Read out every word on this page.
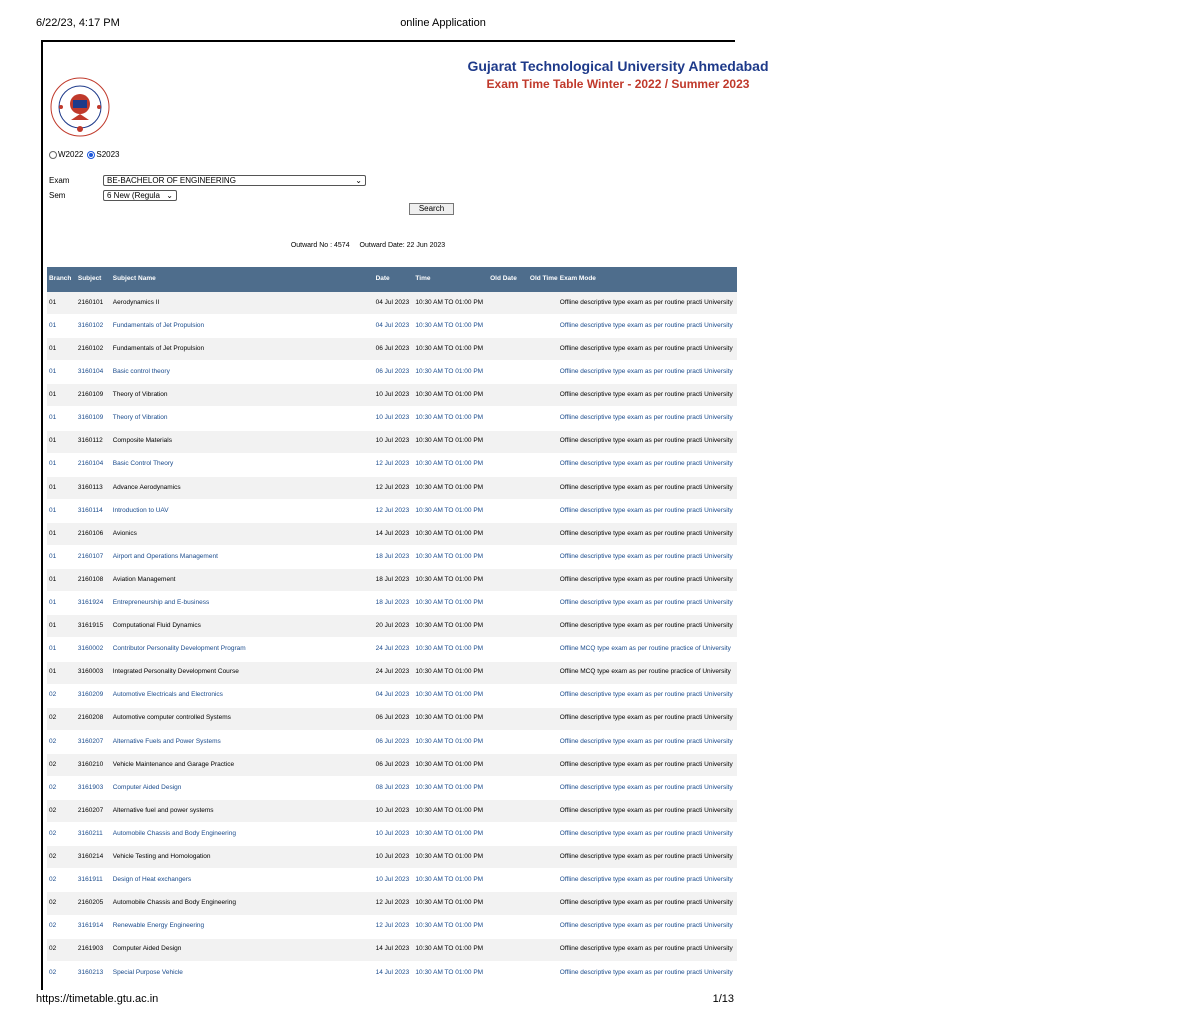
6/22/23, 4:17 PM	online Application
Gujarat Technological University Ahmedabad
Exam Time Table Winter - 2022 / Summer 2023
W2022 S2023
Exam	BE-BACHELOR OF ENGINEERING	⌄
Sem	6 New (Regula ⌄
Search
Outward No : 4574 Outward Date: 22 Jun 2023
Branch Subject	Subject Name	Date	Time	Old Date	Old Time Exam Mode
01	2160101	Aerodynamics II	04 Jul 2023 10:30 AM TO 01:00 PM	Offline descriptive type exam as per routine practi University
01	3160102	Fundamentals of Jet Propulsion	04 Jul 2023 10:30 AM TO 01:00 PM	Offline descriptive type exam as per routine practi University
01	2160102	Fundamentals of Jet Propulsion	06 Jul 2023 10:30 AM TO 01:00 PM	Offline descriptive type exam as per routine practi University
01	3160104	Basic control theory	06 Jul 2023 10:30 AM TO 01:00 PM	Offline descriptive type exam as per routine practi University
01	2160109	Theory of Vibration	10 Jul 2023 10:30 AM TO 01:00 PM	Offline descriptive type exam as per routine practi University
01	3160109	Theory of Vibration	10 Jul 2023 10:30 AM TO 01:00 PM	Offline descriptive type exam as per routine practi University
01	3160112	Composite Materials	10 Jul 2023 10:30 AM TO 01:00 PM	Offline descriptive type exam as per routine practi University
01	2160104	Basic Control Theory	12 Jul 2023 10:30 AM TO 01:00 PM	Offline descriptive type exam as per routine practi University
01	3160113	Advance Aerodynamics	12 Jul 2023 10:30 AM TO 01:00 PM	Offline descriptive type exam as per routine practi University
01	3160114	Introduction to UAV	12 Jul 2023 10:30 AM TO 01:00 PM	Offline descriptive type exam as per routine practi University
01	2160106	Avionics	14 Jul 2023 10:30 AM TO 01:00 PM	Offline descriptive type exam as per routine practi University
01	2160107	Airport and Operations Management	18 Jul 2023 10:30 AM TO 01:00 PM	Offline descriptive type exam as per routine practi University
01	2160108	Aviation Management	18 Jul 2023 10:30 AM TO 01:00 PM	Offline descriptive type exam as per routine practi University
01	3161924	Entrepreneurship and E-business	18 Jul 2023 10:30 AM TO 01:00 PM	Offline descriptive type exam as per routine practi University
01	3161915	Computational Fluid Dynamics	20 Jul 2023 10:30 AM TO 01:00 PM	Offline descriptive type exam as per routine practi University
01	3160002	Contributor Personality Development Program	24 Jul 2023 10:30 AM TO 01:00 PM	Offline MCQ type exam as per routine practice of University
01	3160003	Integrated Personality Development Course	24 Jul 2023 10:30 AM TO 01:00 PM	Offline MCQ type exam as per routine practice of University
02	3160209	Automotive Electricals and Electronics	04 Jul 2023 10:30 AM TO 01:00 PM	Offline descriptive type exam as per routine practi University
02	2160208	Automotive computer controlled Systems	06 Jul 2023 10:30 AM TO 01:00 PM	Offline descriptive type exam as per routine practi University
02	3160207	Alternative Fuels and Power Systems	06 Jul 2023 10:30 AM TO 01:00 PM	Offline descriptive type exam as per routine practi University
02	3160210	Vehicle Maintenance and Garage Practice	06 Jul 2023 10:30 AM TO 01:00 PM	Offline descriptive type exam as per routine practi University
02	3161903	Computer Aided Design	08 Jul 2023 10:30 AM TO 01:00 PM	Offline descriptive type exam as per routine practi University
02	2160207	Alternative fuel and power systems	10 Jul 2023 10:30 AM TO 01:00 PM	Offline descriptive type exam as per routine practi University
02	3160211	Automobile Chassis and Body Engineering	10 Jul 2023 10:30 AM TO 01:00 PM	Offline descriptive type exam as per routine practi University
02	3160214	Vehicle Testing and Homologation	10 Jul 2023 10:30 AM TO 01:00 PM	Offline descriptive type exam as per routine practi University
02	3161911	Design of Heat exchangers	10 Jul 2023 10:30 AM TO 01:00 PM	Offline descriptive type exam as per routine practi University
02	2160205	Automobile Chassis and Body Engineering	12 Jul 2023 10:30 AM TO 01:00 PM	Offline descriptive type exam as per routine practi University
02	3161914	Renewable Energy Engineering	12 Jul 2023 10:30 AM TO 01:00 PM	Offline descriptive type exam as per routine practi University
02	2161903	Computer Aided Design	14 Jul 2023 10:30 AM TO 01:00 PM	Offline descriptive type exam as per routine practi University
02	3160213	Special Purpose Vehicle	14 Jul 2023 10:30 AM TO 01:00 PM	Offline descriptive type exam as per routine practi University
https://timetable.gtu.ac.in	1/13
